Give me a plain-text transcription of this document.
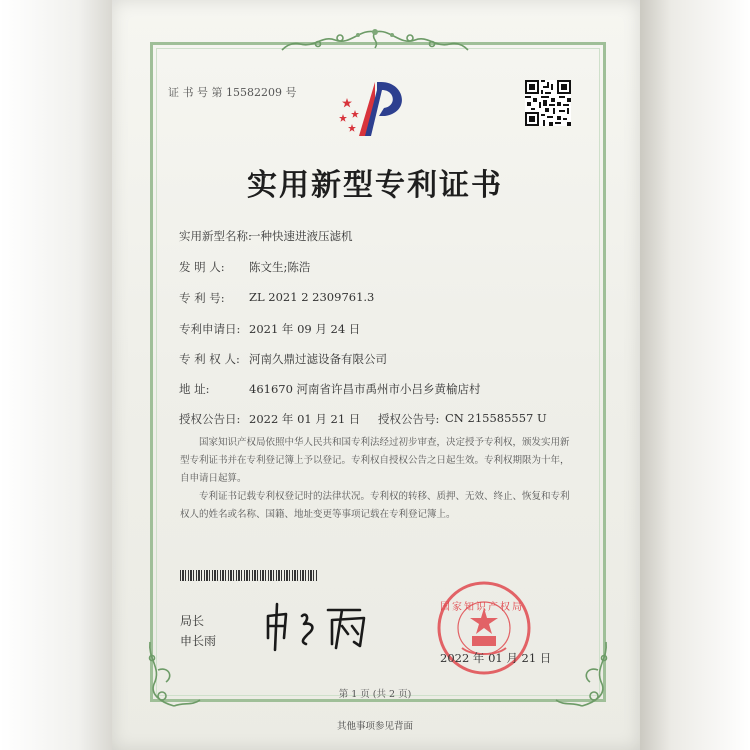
证 书 号 第 15582209 号
实用新型专利证书
实用新型名称:
一种快速进液压滤机
发 明 人: 陈文生;陈浩
专 利 号: ZL 2021 2 2309761.3
专利申请日: 2021 年 09 月 24 日
专 利 权 人: 河南久鼎过滤设备有限公司
地 址:	461670 河南省许昌市禹州市小吕乡黄榆店村
授权公告日: 2022 年 01 月 21 日 授权公告号: CN 215585557 U
国家知识产权局依照中华人民共和国专利法经过初步审查，决定授予专利权，颁发实用新型专利证书并在专利登记簿上予以登记。专利权自授权公告之日起生效。专利权期限为十年，自申请日起算。
专利证书记载专利权登记时的法律状况。专利权的转移、质押、无效、终止、恢复和专利权人的姓名或名称、国籍、地址变更等事项记载在专利登记簿上。
局长
申长雨
国家知识产权局
2022 年 01 月 21 日
第 1 页 (共 2 页)
其他事项参见背面
